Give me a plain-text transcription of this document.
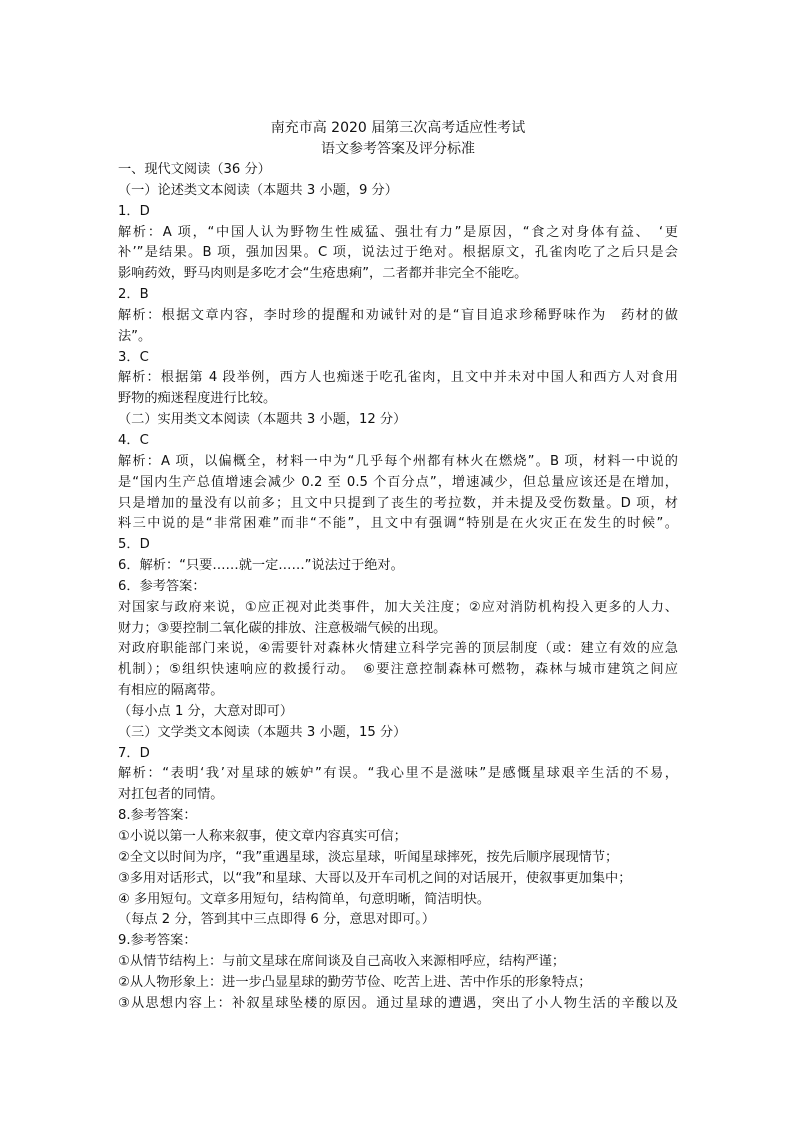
南充市高 2020 届第三次高考适应性考试
语文参考答案及评分标准
一、现代文阅读（36 分）
（一）论述类文本阅读（本题共 3 小题，9 分）
1．D
解析：A 项，“中国人认为野物生性威猛、强壮有力”是原因，“食之对身体有益、　‘更
补’”是结果。B 项，强加因果。C 项，说法过于绝对。根据原文，孔雀肉吃了之后只是会
影响药效，野马肉则是多吃才会“生疮患痢”，二者都并非完全不能吃。
2．B
解析：根据文章内容，李时珍的提醒和劝诫针对的是“盲目追求珍稀野味作为　药材的做
法”。
3．C
解析：根据第 4 段举例，西方人也痴迷于吃孔雀肉，且文中并未对中国人和西方人对食用
野物的痴迷程度进行比较。
（二）实用类文本阅读（本题共 3 小题，12 分）
4．C
解析：A 项，以偏概全，材料一中为“几乎每个州都有林火在燃烧”。B 项，材料一中说的
是“国内生产总值增速会减少 0.2 至 0.5 个百分点”，增速减少，但总量应该还是在增加，
只是增加的量没有以前多；且文中只提到了丧生的考拉数，并未提及受伤数量。D 项，材
料三中说的是“非常困难”而非“不能”，且文中有强调“特别是在火灾正在发生的时候”。
5．D
6．解析：“只要……就一定……”说法过于绝对。
6．参考答案：
对国家与政府来说，①应正视对此类事件，加大关注度；②应对消防机构投入更多的人力、
财力；③要控制二氧化碳的排放、注意极端气候的出现。
对政府职能部门来说，④需要针对森林火情建立科学完善的顶层制度（或：建立有效的应急
机制）；⑤组织快速响应的救援行动。　⑥要注意控制森林可燃物，森林与城市建筑之间应
有相应的隔离带。
（每小点 1 分，大意对即可）
（三）文学类文本阅读（本题共 3 小题，15 分）
7．D
解析：“表明‘我’对星球的嫉妒”有误。“我心里不是滋味”是感慨星球艰辛生活的不易，
对扛包者的同情。
8.参考答案：
①小说以第一人称来叙事，使文章内容真实可信；
②全文以时间为序，“我”重遇星球，淡忘星球，听闻星球摔死，按先后顺序展现情节；
③多用对话形式，以“我”和星球、大哥以及开车司机之间的对话展开，使叙事更加集中；
④ 多用短句。文章多用短句，结构简单，句意明晰，简洁明快。
（每点 2 分，答到其中三点即得 6 分，意思对即可。）
9.参考答案：
①从情节结构上：与前文星球在席间谈及自己高收入来源相呼应，结构严谨；
②从人物形象上：进一步凸显星球的勤劳节俭、吃苦上进、苦中作乐的形象特点；
③从思想内容上：补叙星球坠楼的原因。通过星球的遭遇，突出了小人物生活的辛酸以及
